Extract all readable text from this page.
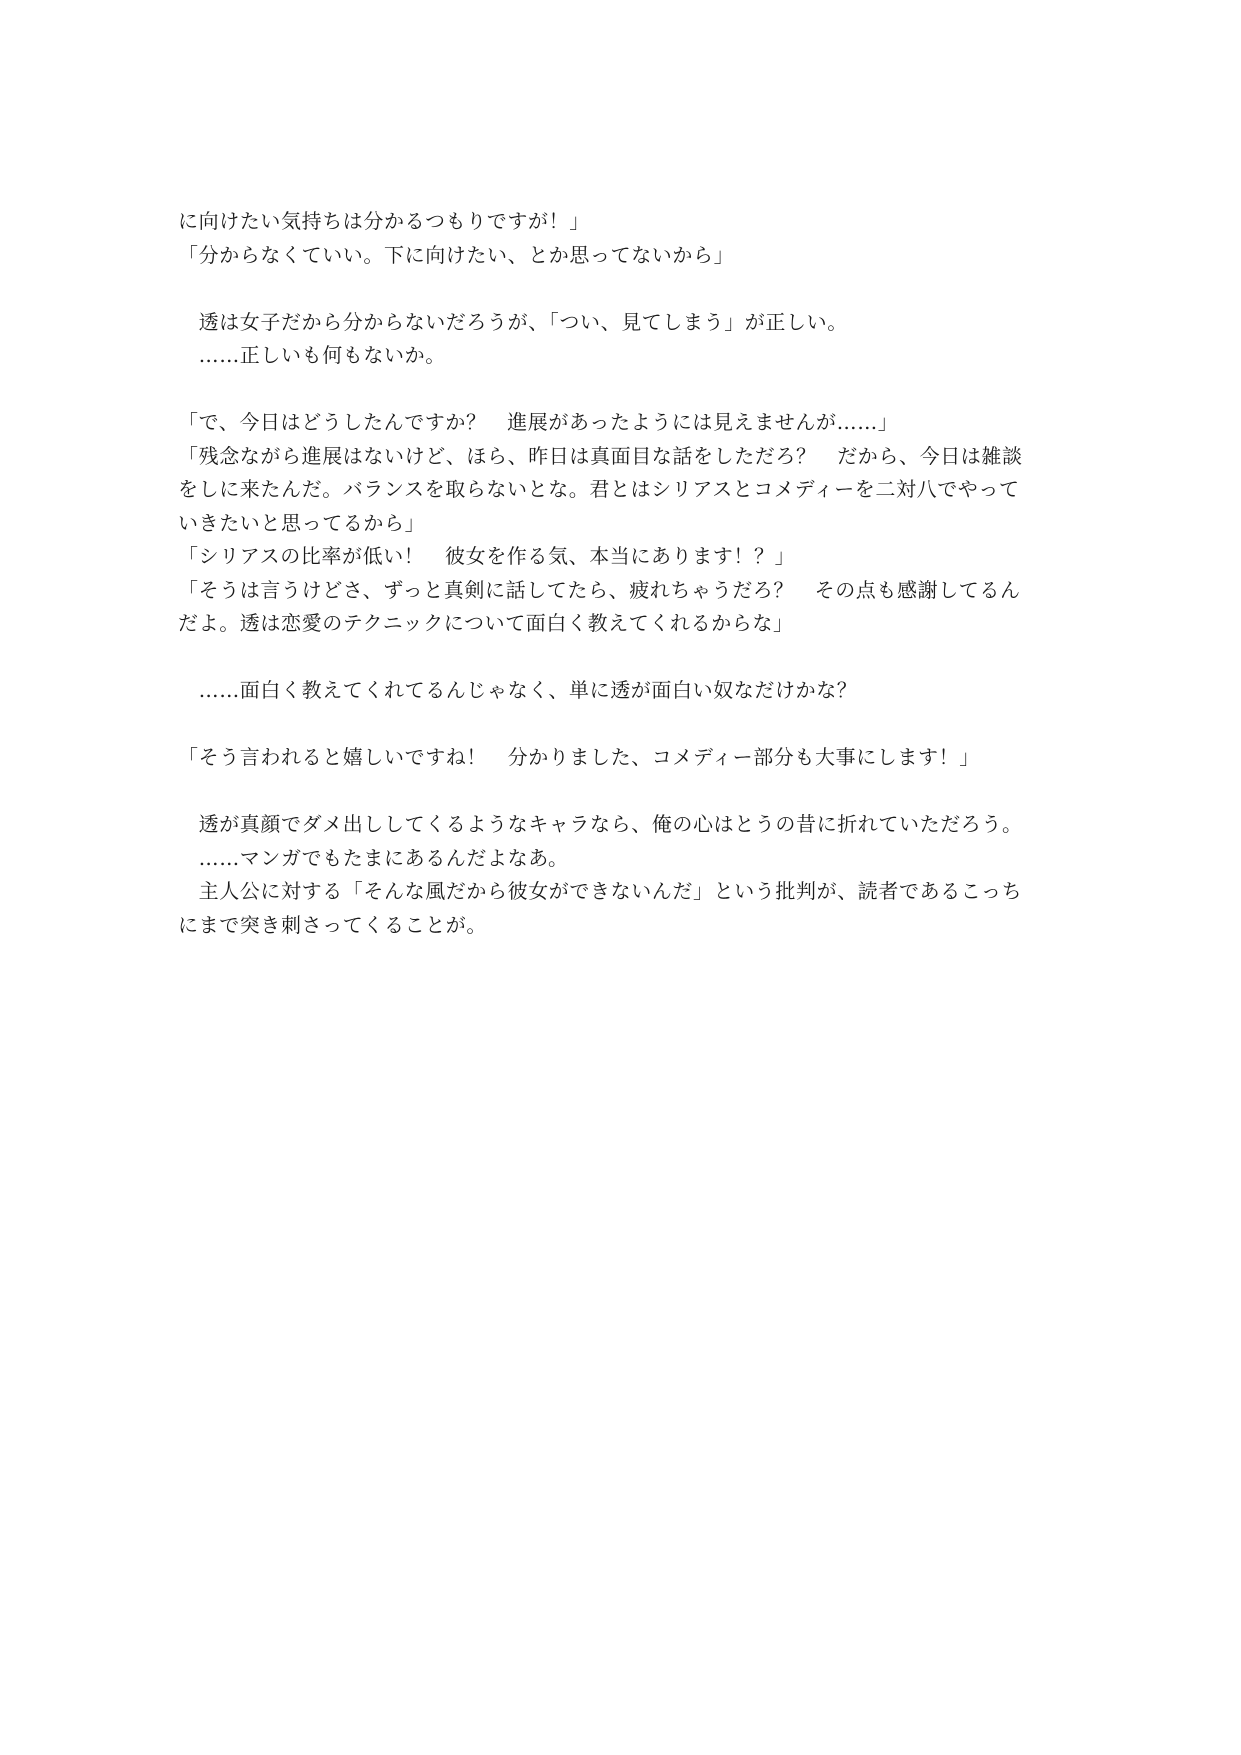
に向けたい気持ちは分かるつもりですが！」
「分からなくていい。下に向けたい、とか思ってないから」
　透は女子だから分からないだろうが、「つい、見てしまう」が正しい。
　……正しいも何もないか。
「で、今日はどうしたんですか？　進展があったようには見えませんが……」
「残念ながら進展はないけど、ほら、昨日は真面目な話をしただろ？　だから、今日は雑談
をしに来たんだ。バランスを取らないとな。君とはシリアスとコメディーを二対八でやって
いきたいと思ってるから」
「シリアスの比率が低い！　彼女を作る気、本当にあります！？」
「そうは言うけどさ、ずっと真剣に話してたら、疲れちゃうだろ？　その点も感謝してるん
だよ。透は恋愛のテクニックについて面白く教えてくれるからな」
　……面白く教えてくれてるんじゃなく、単に透が面白い奴なだけかな？
「そう言われると嬉しいですね！　分かりました、コメディー部分も大事にします！」
　透が真顔でダメ出ししてくるようなキャラなら、俺の心はとうの昔に折れていただろう。
　……マンガでもたまにあるんだよなあ。
　主人公に対する「そんな風だから彼女ができないんだ」という批判が、読者であるこっち
にまで突き刺さってくることが。
